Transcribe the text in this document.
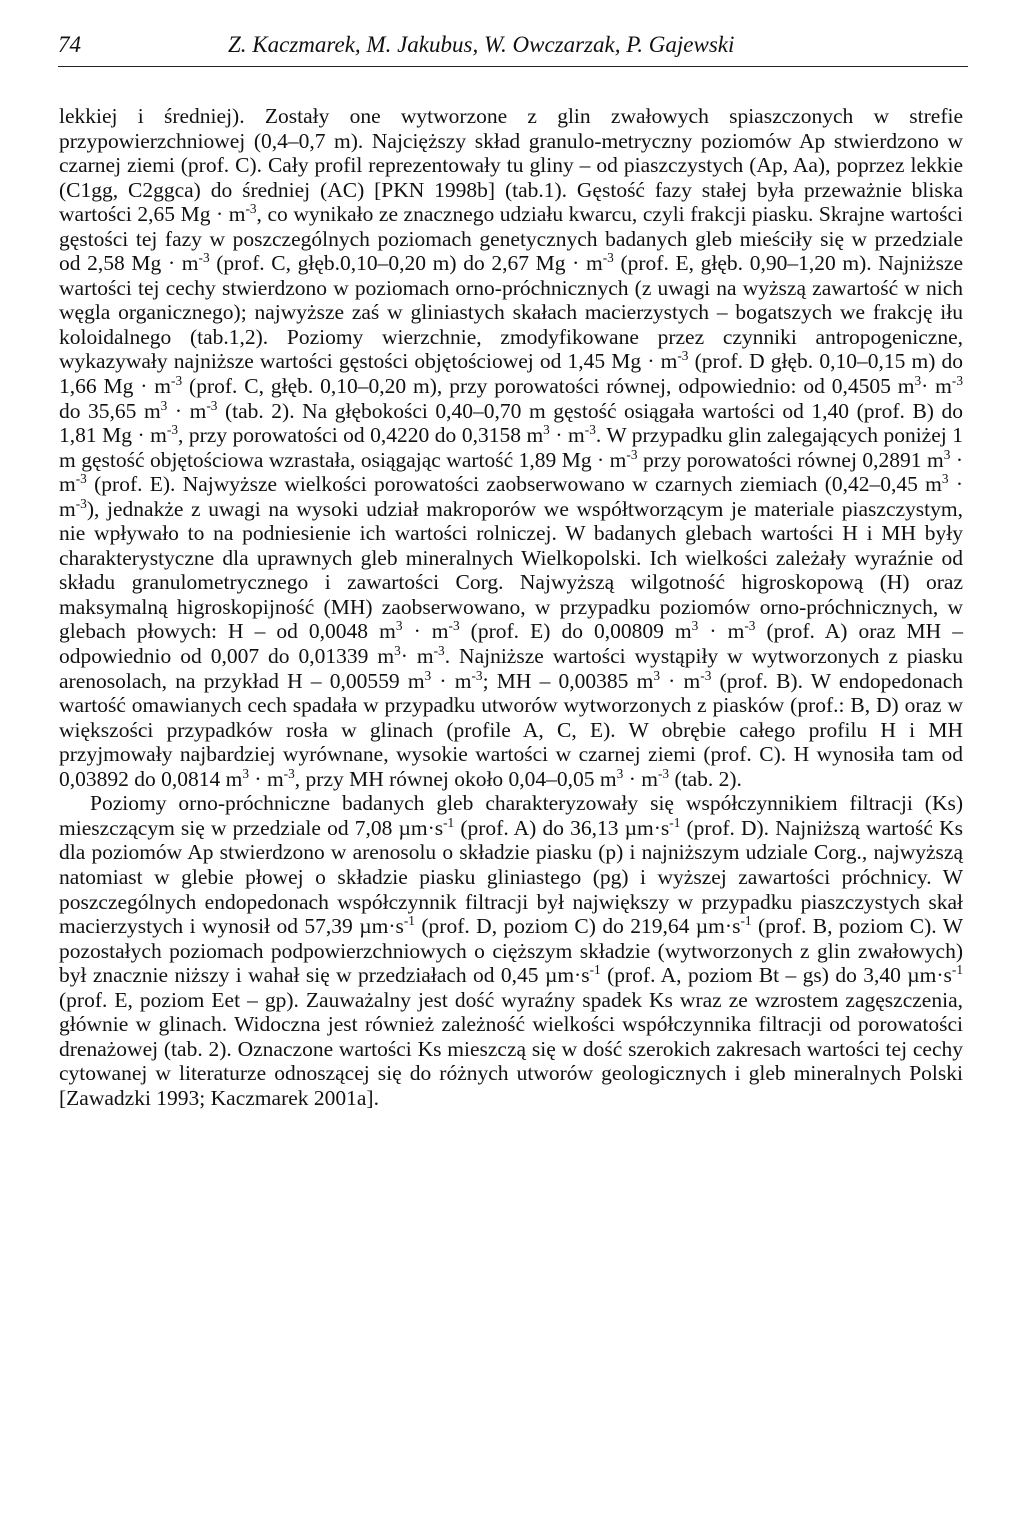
74	Z. Kaczmarek, M. Jakubus, W. Owczarzak, P. Gajewski

lekkiej i średniej). Zostały one wytworzone z glin zwałowych spiaszczonych w strefie przypowierzchniowej (0,4–0,7 m). Najcięższy skład granulo-metryczny poziomów Ap stwierdzono w czarnej ziemi (prof. C). Cały profil reprezentowały tu gliny – od piaszczystych (Ap, Aa), poprzez lekkie (C1gg, C2ggca) do średniej (AC) [PKN 1998b] (tab.1). Gęstość fazy stałej była przeważnie bliska wartości 2,65 $Mg \cdot m^{-3}$, co wynikało ze znacznego udziału kwarcu, czyli frakcji piasku. Skrajne wartości gęstości tej fazy w poszczególnych poziomach genetycznych badanych gleb mieściły się w przedziale od 2,58 $Mg \cdot m^{-3}$ (prof. C, głęb.0,10–0,20 m) do 2,67 $Mg \cdot m^{-3}$ (prof. E, głęb. 0,90–1,20 m). Najniższe wartości tej cechy stwierdzono w poziomach orno-próchnicznych (z uwagi na wyższą zawartość w nich węgla organicznego); najwyższe zaś w gliniastych skałach macierzystych – bogatszych we frakcję iłu koloidalnego (tab.1,2). Poziomy wierzchnie, zmodyfikowane przez czynniki antropogeniczne, wykazywały najniższe wartości gęstości objętościowej od 1,45 $Mg \cdot m^{-3}$ (prof. D głęb. 0,10–0,15 m) do 1,66 $Mg \cdot m^{-3}$ (prof. C, głęb. 0,10–0,20 m), przy porowatości równej, odpowiednio: od 0,4505 $m^3\cdot m^{-3}$ do 35,65 $m^3 \cdot m^{-3}$ (tab. 2). Na głębokości 0,40–0,70 m gęstość osiągała wartości od 1,40 (prof. B) do 1,81 $Mg \cdot m^{-3}$, przy porowatości od 0,4220 do 0,3158 $m^3 \cdot m^{-3}$. W przypadku glin zalegających poniżej 1 m gęstość objętościowa wzrastała, osiągając wartość 1,89 $Mg \cdot m^{-3}$ przy porowatości równej 0,2891 $m^3 \cdot m^{-3}$ (prof. E). Najwyższe wielkości porowatości zaobserwowano w czarnych ziemiach (0,42–0,45 $m^3 \cdot m^{-3}$), jednakże z uwagi na wysoki udział makroporów we współtworzącym je materiale piaszczystym, nie wpływało to na podniesienie ich wartości rolniczej. W badanych glebach wartości H i MH były charakterystyczne dla uprawnych gleb mineralnych Wielkopolski. Ich wielkości zależały wyraźnie od składu granulometrycznego i zawartości Corg. Najwyższą wilgotność higroskopową (H) oraz maksymalną higroskopijność (MH) zaobserwowano, w przypadku poziomów orno-próchnicznych, w glebach płowych: H – od 0,0048 $m^3 \cdot m^{-3}$ (prof. E) do 0,00809 $m^3 \cdot m^{-3}$ (prof. A) oraz MH – odpowiednio od 0,007 do 0,01339 $m^3\cdot m^{-3}$. Najniższe wartości wystąpiły w wytworzonych z piasku arenosolach, na przykład H – 0,00559 $m^3 \cdot m^{-3}$; MH – 0,00385 $m^3 \cdot m^{-3}$ (prof. B). W endopedonach wartość omawianych cech spadała w przypadku utworów wytworzonych z piasków (prof.: B, D) oraz w większości przypadków rosła w glinach (profile A, C, E). W obrębie całego profilu H i MH przyjmowały najbardziej wyrównane, wysokie wartości w czarnej ziemi (prof. C). H wynosiła tam od 0,03892 do 0,0814 $m^3 \cdot m^{-3}$, przy MH równej około 0,04–0,05 $m^3 \cdot m^{-3}$ (tab. 2).

Poziomy orno-próchniczne badanych gleb charakteryzowały się współczynnikiem filtracji (Ks) mieszczącym się w przedziale od 7,08 $\mu m\cdot s^{-1}$ (prof. A) do 36,13 $\mu m\cdot s^{-1}$ (prof. D). Najniższą wartość Ks dla poziomów Ap stwierdzono w arenosolu o składzie piasku (p) i najniższym udziale Corg., najwyższą natomiast w glebie płowej o składzie piasku gliniastego (pg) i wyższej zawartości próchnicy. W poszczególnych endopedonach współczynnik filtracji był największy w przypadku piaszczystych skał macierzystych i wynosił od 57,39 $\mu m\cdot s^{-1}$ (prof. D, poziom C) do 219,64 $\mu m\cdot s^{-1}$ (prof. B, poziom C). W pozostałych poziomach podpowierzchniowych o cięższym składzie (wytworzonych z glin zwałowych) był znacznie niższy i wahał się w przedziałach od 0,45 $\mu m\cdot s^{-1}$ (prof. A, poziom Bt – gs) do 3,40 $\mu m\cdot s^{-1}$ (prof. E, poziom Eet – gp). Zauważalny jest dość wyraźny spadek Ks wraz ze wzrostem zagęszczenia, głównie w glinach. Widoczna jest również zależność wielkości współczynnika filtracji od porowatości drenażowej (tab. 2). Oznaczone wartości Ks mieszczą się w dość szerokich zakresach wartości tej cechy cytowanej w literaturze odnoszącej się do różnych utworów geologicznych i gleb mineralnych Polski [Zawadzki 1993; Kaczmarek 2001a].
